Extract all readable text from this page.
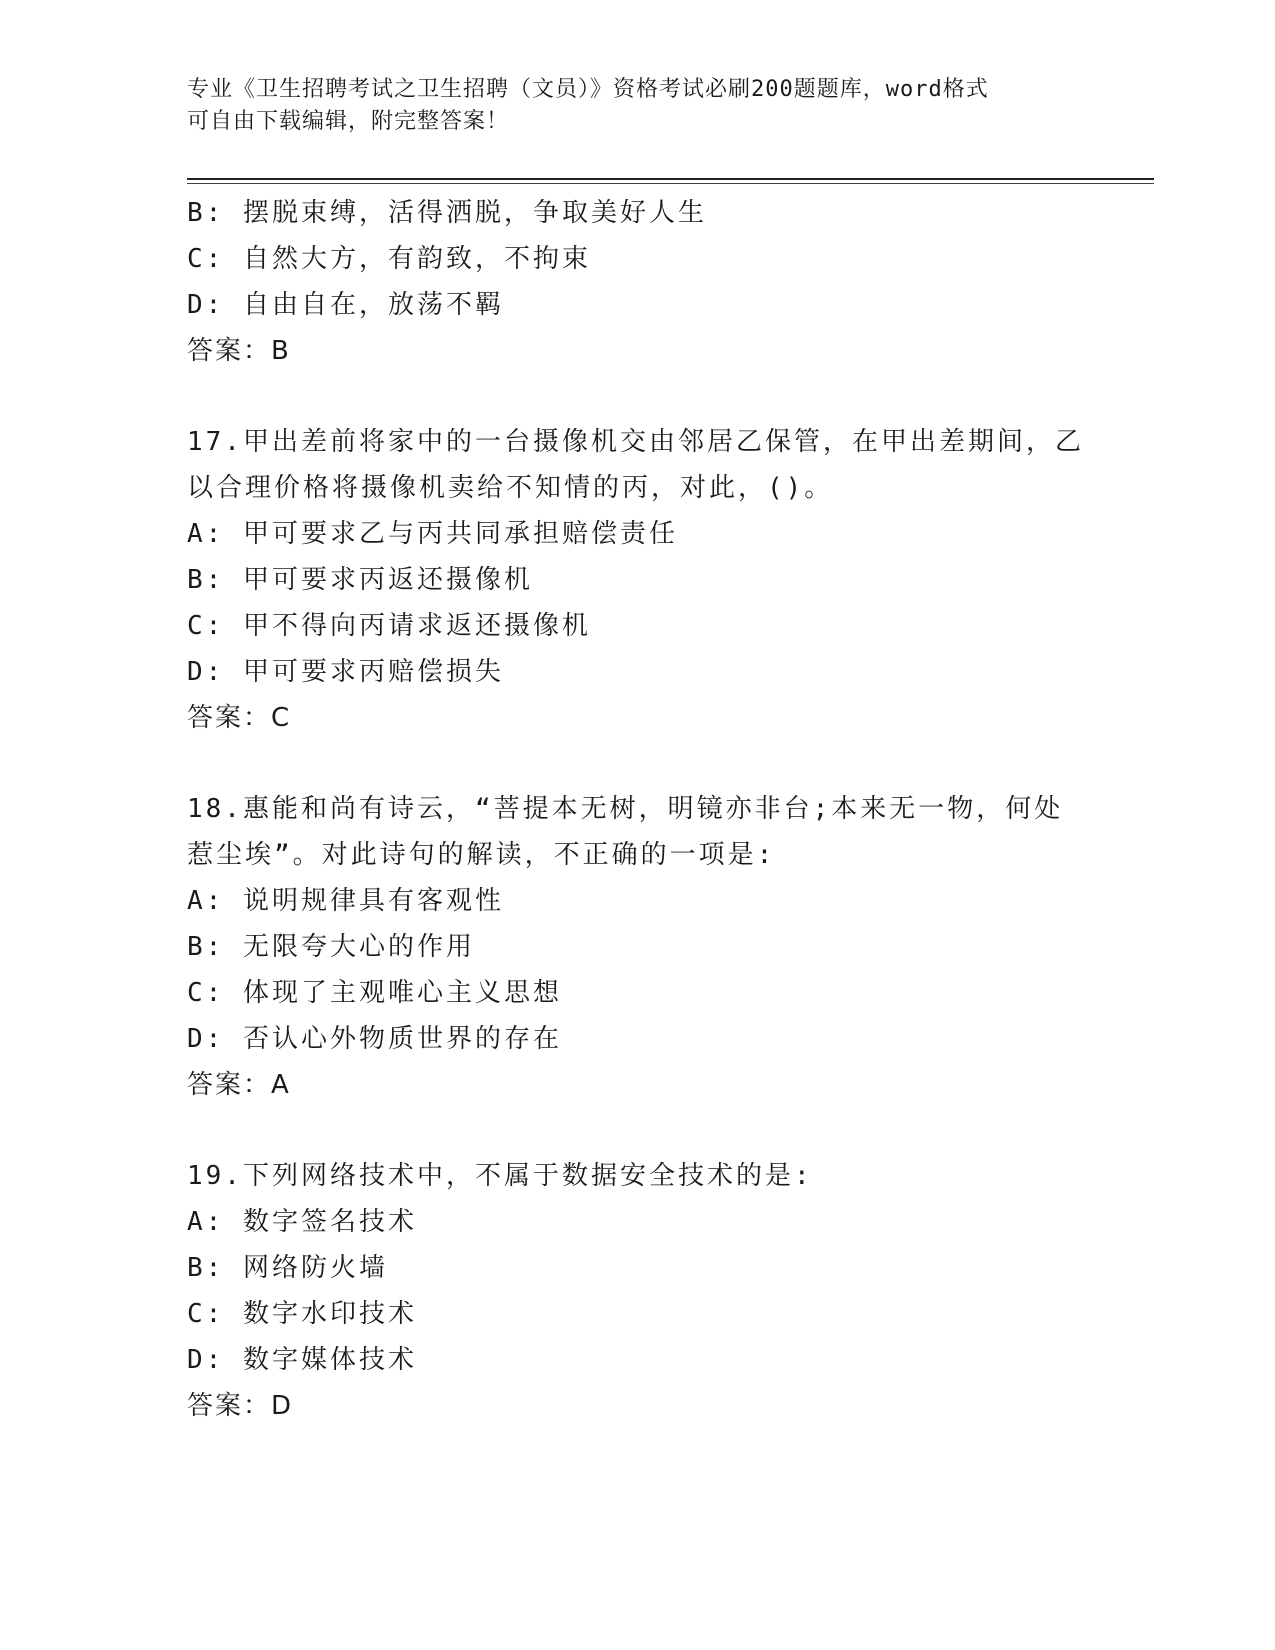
专业《卫生招聘考试之卫生招聘（文员）》资格考试必刷200题题库，word格式
可自由下载编辑，附完整答案！
B: 摆脱束缚，活得洒脱，争取美好人生
C: 自然大方，有韵致，不拘束
D: 自由自在，放荡不羁
答案：B
17.甲出差前将家中的一台摄像机交由邻居乙保管，在甲出差期间，乙
以合理价格将摄像机卖给不知情的丙，对此，()。
A: 甲可要求乙与丙共同承担赔偿责任
B: 甲可要求丙返还摄像机
C: 甲不得向丙请求返还摄像机
D: 甲可要求丙赔偿损失
答案：C
18.惠能和尚有诗云，“菩提本无树，明镜亦非台;本来无一物，何处
惹尘埃”。对此诗句的解读，不正确的一项是:
A: 说明规律具有客观性
B: 无限夸大心的作用
C: 体现了主观唯心主义思想
D: 否认心外物质世界的存在
答案：A
19.下列网络技术中，不属于数据安全技术的是:
A: 数字签名技术
B: 网络防火墙
C: 数字水印技术
D: 数字媒体技术
答案：D
